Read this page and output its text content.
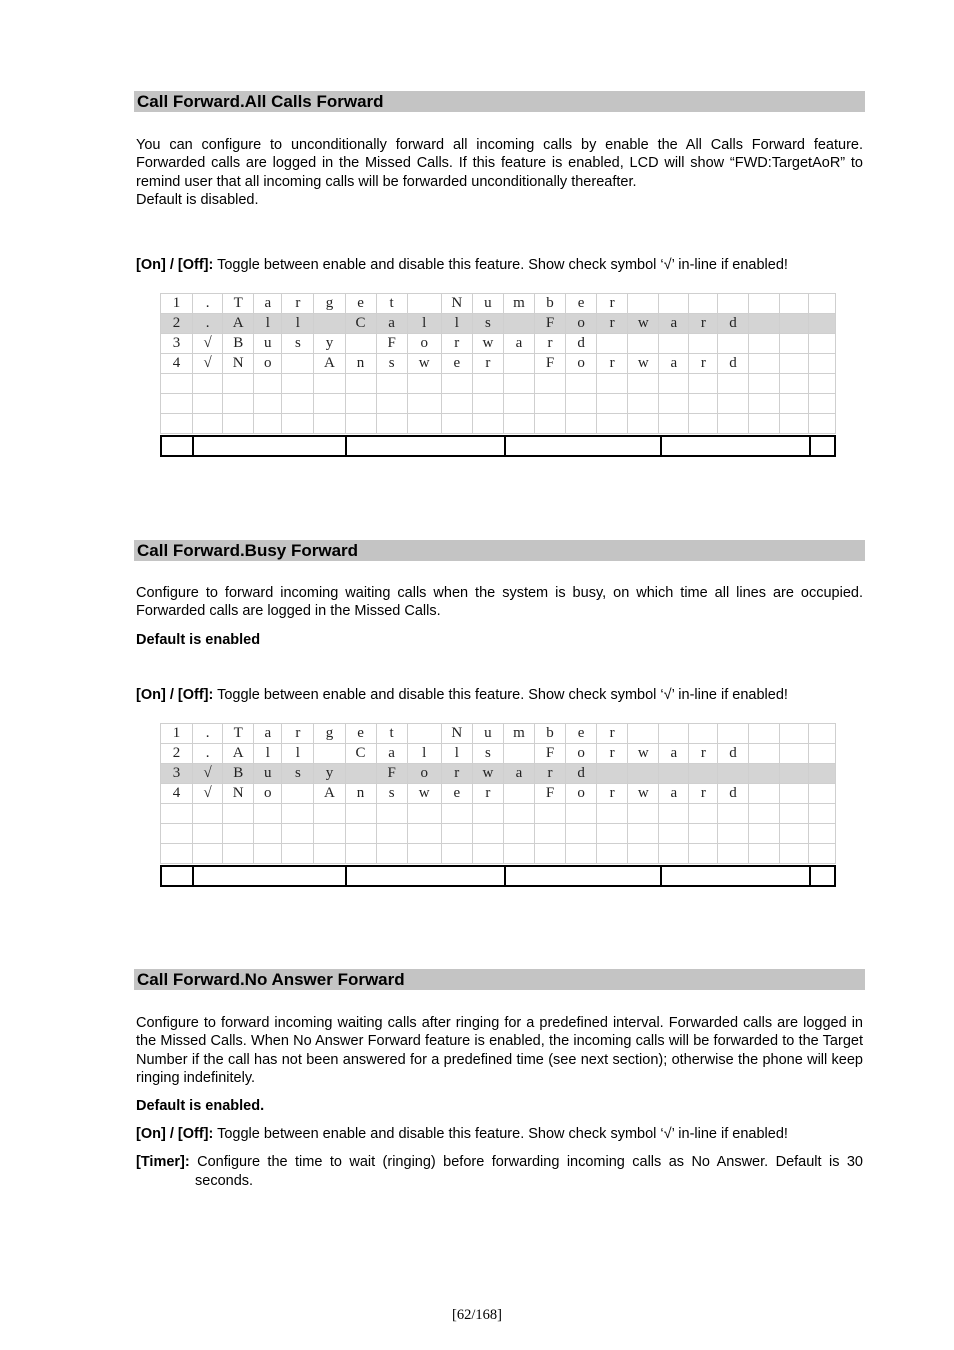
Call Forward.All Calls Forward

You can configure to unconditionally forward all incoming calls by enable the All Calls Forward feature. Forwarded calls are logged in the Missed Calls. If this feature is enabled, LCD will show “FWD:TargetAoR” to remind user that all incoming calls will be forwarded unconditionally thereafter.
Default is disabled.

[On] / [Off]: Toggle between enable and disable this feature. Show check symbol ‘√’ in-line if enabled!
1	.	T	a	r	g	e	t		N	u	m	b	e	r							
2	.	A	l	l		C	a	l	l	s		F	o	r	w	a	r	d			
3	√	B	u	s	y		F	o	r	w	a	r	d								
4	√	N	o		A	n	s	w	e	r		F	o	r	w	a	r	d			

Call Forward.Busy Forward

Configure to forward incoming waiting calls when the system is busy, on which time all lines are occupied. Forwarded calls are logged in the Missed Calls.

Default is enabled
[On] / [Off]: Toggle between enable and disable this feature. Show check symbol ‘√’ in-line if enabled!
1	.	T	a	r	g	e	t		N	u	m	b	e	r							
2	.	A	l	l		C	a	l	l	s		F	o	r	w	a	r	d			
3	√	B	u	s	y		F	o	r	w	a	r	d								
4	√	N	o		A	n	s	w	e	r		F	o	r	w	a	r	d			

Call Forward.No Answer Forward

Configure to forward incoming waiting calls after ringing for a predefined interval. Forwarded calls are logged in the Missed Calls. When No Answer Forward feature is enabled, the incoming calls will be forwarded to the Target Number if the call has not been answered for a predefined time (see next section); otherwise the phone will keep ringing indefinitely.

Default is enabled.
[On] / [Off]: Toggle between enable and disable this feature. Show check symbol ‘√’ in-line if enabled!
[Timer]: Configure the time to wait (ringing) before forwarding incoming calls as No Answer. Default is 30 seconds.
[62/168]
